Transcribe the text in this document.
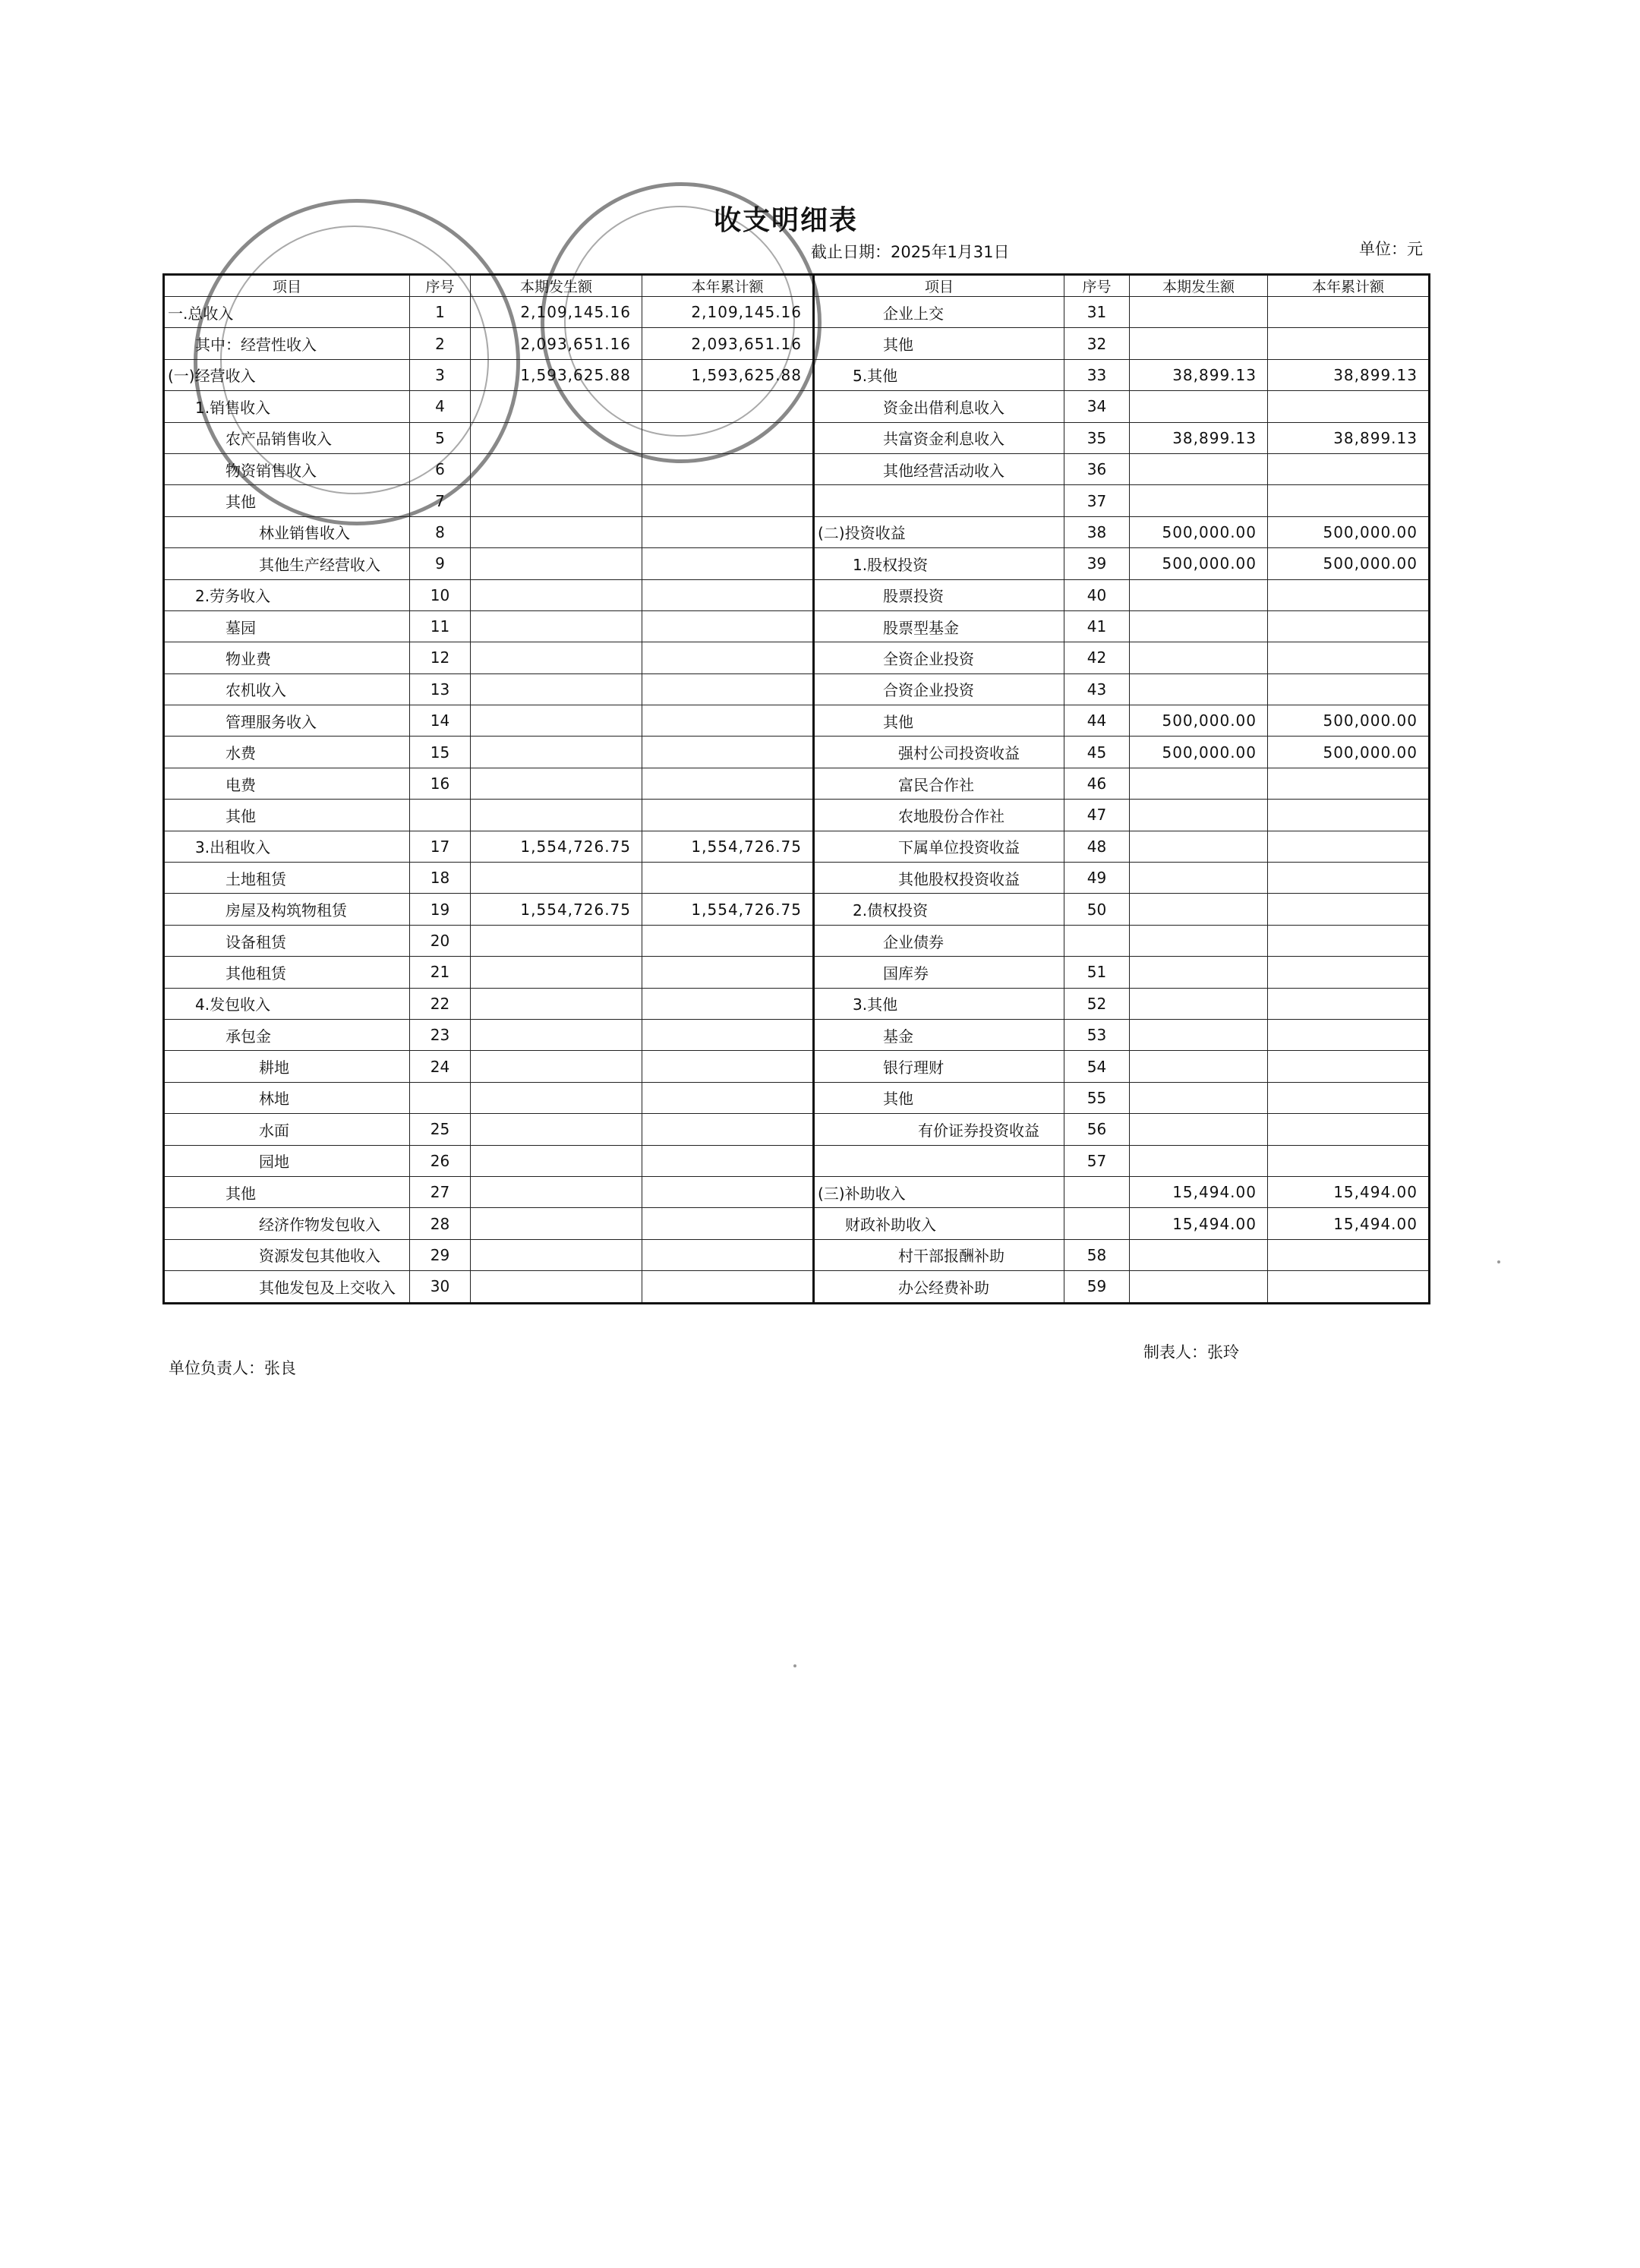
收支明细表
截止日期：2025年1月31日	单位：元
项目	序号	本期发生额	本年累计额	项目	序号	本期发生额	本年累计额
一.总收入	1	2,109,145.16	2,109,145.16	企业上交	31		
其中：经营性收入	2	2,093,651.16	2,093,651.16	其他	32		
(一)经营收入	3	1,593,625.88	1,593,625.88	5.其他	33	38,899.13	38,899.13
1.销售收入	4			资金出借利息收入	34		
农产品销售收入	5			共富资金利息收入	35	38,899.13	38,899.13
物资销售收入	6			其他经营活动收入	36		
其他	7				37		
林业销售收入	8			(二)投资收益	38	500,000.00	500,000.00
其他生产经营收入	9			1.股权投资	39	500,000.00	500,000.00
2.劳务收入	10			股票投资	40		
墓园	11			股票型基金	41		
物业费	12			全资企业投资	42		
农机收入	13			合资企业投资	43		
管理服务收入	14			其他	44	500,000.00	500,000.00
水费	15			强村公司投资收益	45	500,000.00	500,000.00
电费	16			富民合作社	46		
其他				农地股份合作社	47		
3.出租收入	17	1,554,726.75	1,554,726.75	下属单位投资收益	48		
土地租赁	18			其他股权投资收益	49		
房屋及构筑物租赁	19	1,554,726.75	1,554,726.75	2.债权投资	50		
设备租赁	20			企业债券			
其他租赁	21			国库券	51		
4.发包收入	22			3.其他	52		
承包金	23			基金	53		
耕地	24			银行理财	54		
林地				其他	55		
水面	25			有价证券投资收益	56		
园地	26				57		
其他	27			(三)补助收入		15,494.00	15,494.00
经济作物发包收入	28			财政补助收入		15,494.00	15,494.00
资源发包其他收入	29			村干部报酬补助	58		
其他发包及上交收入	30			办公经费补助	59		
单位负责人：张良
制表人：张玲
